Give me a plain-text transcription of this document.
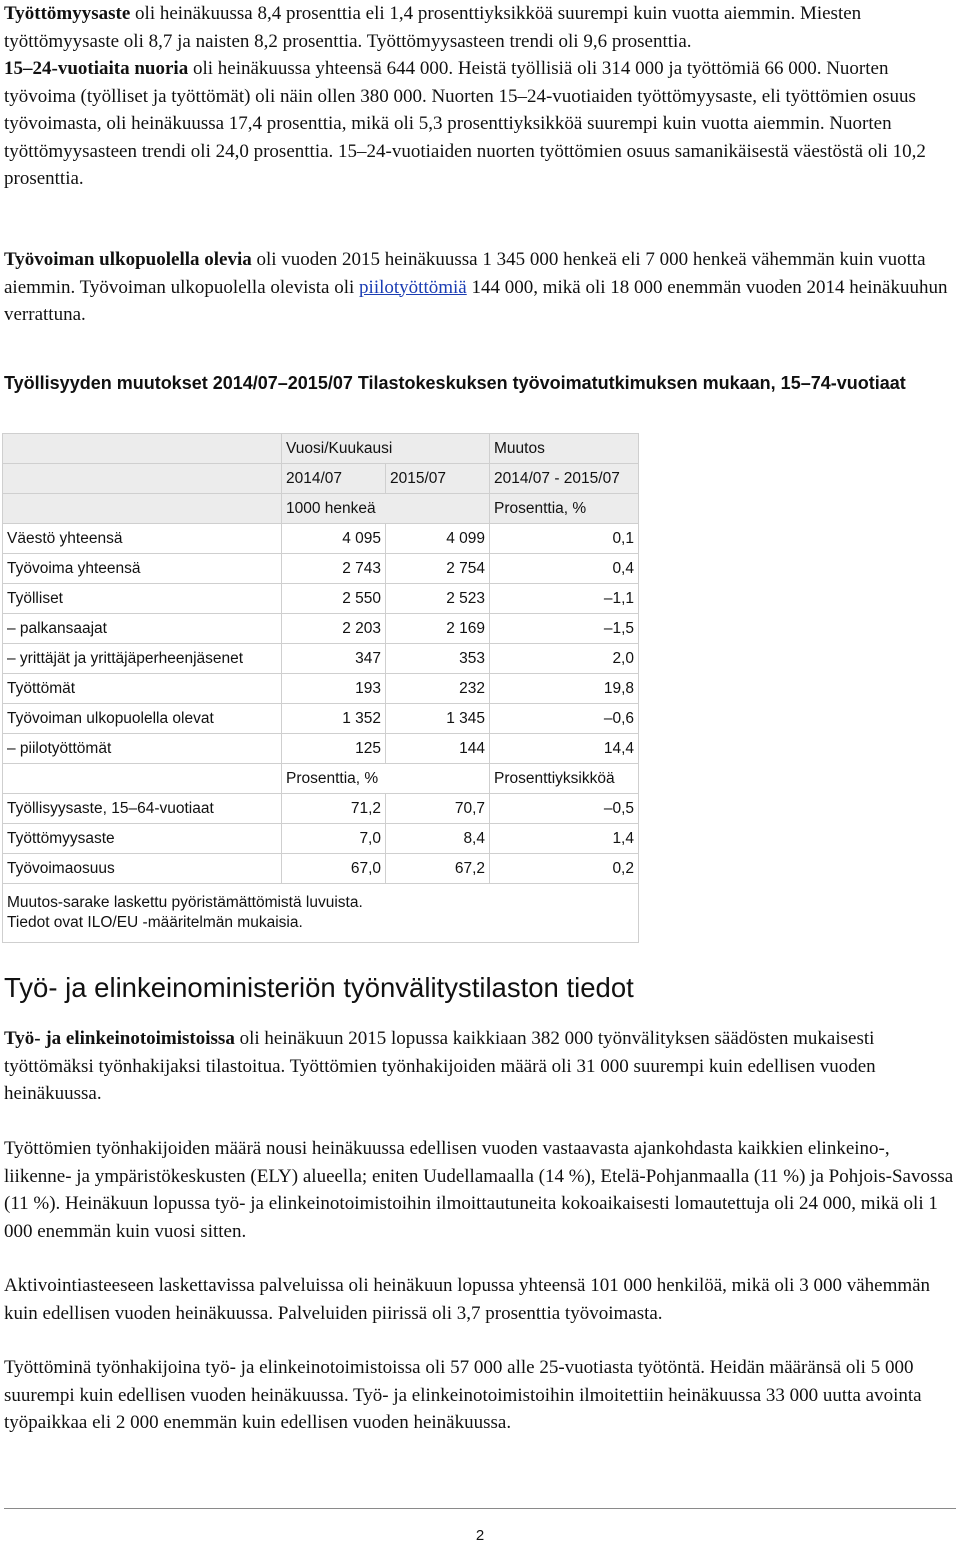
Työttömyysaste oli heinäkuussa 8,4 prosenttia eli 1,4 prosenttiyksikköä suurempi kuin vuotta aiemmin. Miesten työttömyysaste oli 8,7 ja naisten 8,2 prosenttia. Työttömyysasteen trendi oli 9,6 prosenttia.

15–24-vuotiaita nuoria oli heinäkuussa yhteensä 644 000. Heistä työllisiä oli 314 000 ja työttömiä 66 000. Nuorten työvoima (työlliset ja työttömät) oli näin ollen 380 000. Nuorten 15–24-vuotiaiden työttömyysaste, eli työttömien osuus työvoimasta, oli heinäkuussa 17,4 prosenttia, mikä oli 5,3 prosenttiyksikköä suurempi kuin vuotta aiemmin. Nuorten työttömyysasteen trendi oli 24,0 prosenttia. 15–24-vuotiaiden nuorten työttömien osuus samanikäisestä väestöstä oli 10,2 prosenttia.

Työvoiman ulkopuolella olevia oli vuoden 2015 heinäkuussa 1 345 000 henkeä eli 7 000 henkeä vähemmän kuin vuotta aiemmin. Työvoiman ulkopuolella olevista oli piilotyöttömiä 144 000, mikä oli 18 000 enemmän vuoden 2014 heinäkuuhun verrattuna.

Työllisyyden muutokset 2014/07–2015/07 Tilastokeskuksen työvoimatutkimuksen mukaan, 15–74-vuotiaat
	Vuosi/Kuukausi		Muutos
	2014/07	2015/07	2014/07 - 2015/07
	1000 henkeä		Prosenttia, %
Väestö yhteensä	4 095	4 099	0,1
Työvoima yhteensä	2 743	2 754	0,4
Työlliset	2 550	2 523	–1,1
– palkansaajat	2 203	2 169	–1,5
– yrittäjät ja yrittäjäperheenjäsenet	347	353	2,0
Työttömät	193	232	19,8
Työvoiman ulkopuolella olevat	1 352	1 345	–0,6
– piilotyöttömät	125	144	14,4
	Prosenttia, %		Prosenttiyksikköä
Työllisyysaste, 15–64-vuotiaat	71,2	70,7	–0,5
Työttömyysaste	7,0	8,4	1,4
Työvoimaosuus	67,0	67,2	0,2

Muutos-sarake laskettu pyöristämättömistä luvuista.
Tiedot ovat ILO/EU -määritelmän mukaisia.			
Työ- ja elinkeinoministeriön työnvälitystilaston tiedot

Työ- ja elinkeinotoimistoissa oli heinäkuun 2015 lopussa kaikkiaan 382 000 työnvälityksen säädösten mukaisesti työttömäksi työnhakijaksi tilastoitua. Työttömien työnhakijoiden määrä oli 31 000 suurempi kuin edellisen vuoden heinäkuussa.

Työttömien työnhakijoiden määrä nousi heinäkuussa edellisen vuoden vastaavasta ajankohdasta kaikkien elinkeino-, liikenne- ja ympäristökeskusten (ELY) alueella; eniten Uudellamaalla (14 %), Etelä-Pohjanmaalla (11 %) ja Pohjois-Savossa (11 %). Heinäkuun lopussa työ- ja elinkeinotoimistoihin ilmoittautuneita kokoaikaisesti lomautettuja oli 24 000, mikä oli 1 000 enemmän kuin vuosi sitten.

Aktivointiasteeseen laskettavissa palveluissa oli heinäkuun lopussa yhteensä 101 000 henkilöä, mikä oli 3 000 vähemmän kuin edellisen vuoden heinäkuussa. Palveluiden piirissä oli 3,7 prosenttia työvoimasta.

Työttöminä työnhakijoina työ- ja elinkeinotoimistoissa oli 57 000 alle 25-vuotiasta työtöntä. Heidän määränsä oli 5 000 suurempi kuin edellisen vuoden heinäkuussa. Työ- ja elinkeinotoimistoihin ilmoitettiin heinäkuussa 33 000 uutta avointa työpaikkaa eli 2 000 enemmän kuin edellisen vuoden heinäkuussa.

2
